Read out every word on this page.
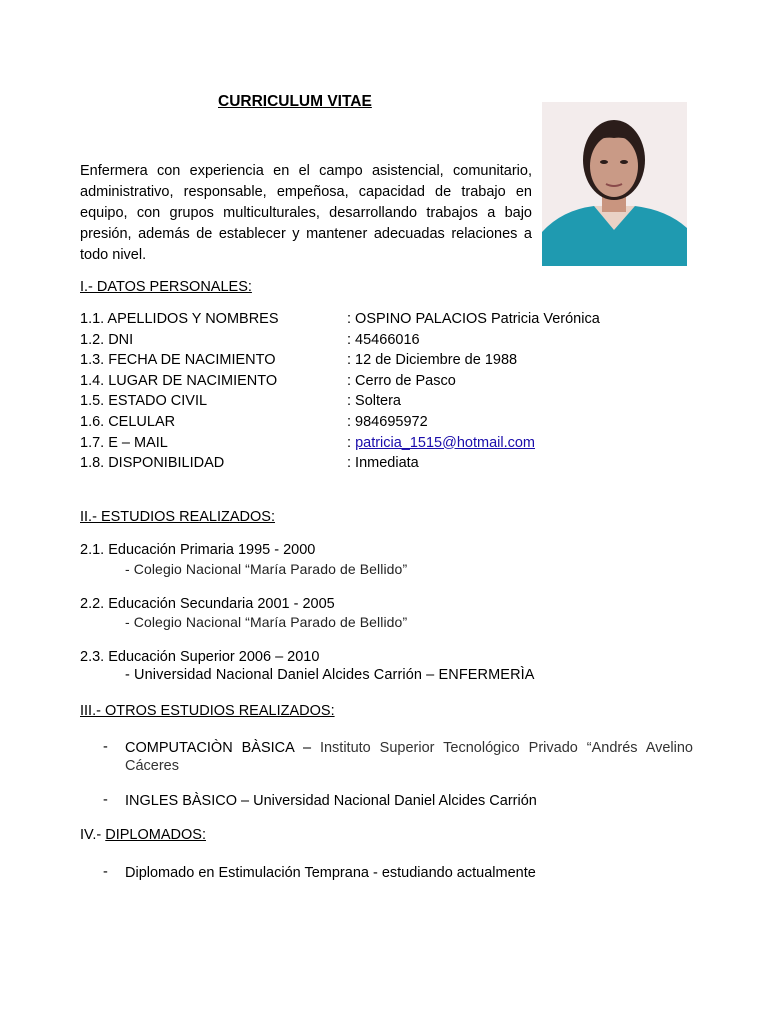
CURRICULUM VITAE
Enfermera con experiencia en el campo asistencial, comunitario, administrativo, responsable, empeñosa, capacidad de trabajo en equipo, con grupos multiculturales, desarrollando trabajos a bajo presión, además de establecer y mantener adecuadas relaciones a todo nivel.
I.- DATOS PERSONALES:
1.1. APELLIDOS Y NOMBRES	: OSPINO PALACIOS Patricia Verónica
1.2. DNI	: 45466016
1.3. FECHA DE NACIMIENTO	: 12 de Diciembre de 1988
1.4. LUGAR DE NACIMIENTO	: Cerro de Pasco
1.5. ESTADO CIVIL	: Soltera
1.6. CELULAR	: 984695972
1.7. E – MAIL	: patricia_1515@hotmail.com
1.8. DISPONIBILIDAD	: Inmediata
II.- ESTUDIOS REALIZADOS:
2.1. Educación Primaria 1995 - 2000
- Colegio Nacional “María Parado de Bellido”
2.2. Educación Secundaria 2001 - 2005
- Colegio Nacional “María Parado de Bellido”
2.3. Educación Superior 2006 – 2010
- Universidad Nacional Daniel Alcides Carrión – ENFERMERÌA
III.- OTROS ESTUDIOS REALIZADOS:
- COMPUTACIÒN BÀSICA – Instituto Superior Tecnológico Privado “Andrés Avelino Cáceres
- INGLES BÀSICO – Universidad Nacional Daniel Alcides Carrión
IV.- DIPLOMADOS:
- Diplomado en Estimulación Temprana - estudiando actualmente
